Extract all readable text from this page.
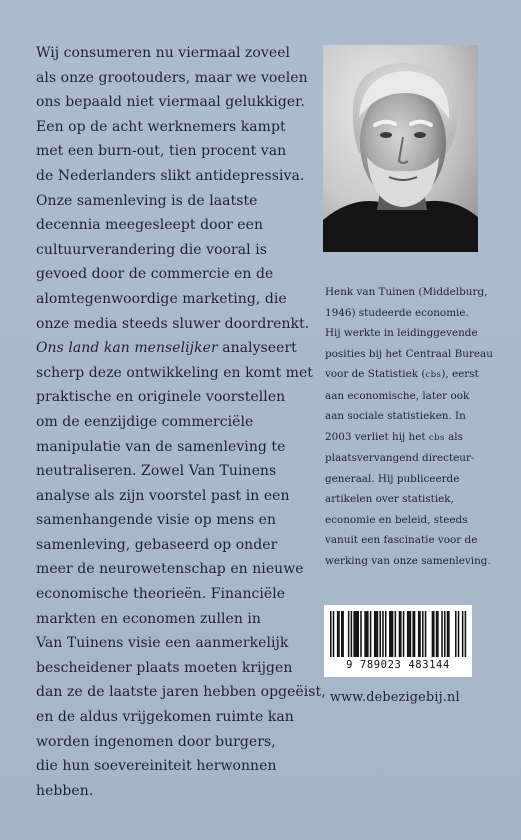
Wij consumeren nu viermaal zoveel
als onze grootouders, maar we voelen
ons bepaald niet viermaal gelukkiger.
Een op de acht werknemers kampt
met een burn-out, tien procent van
de Nederlanders slikt antidepressiva.
Onze samenleving is de laatste
decennia meegesleept door een
cultuurverandering die vooral is
gevoed door de commercie en de
alomtegenwoordige marketing, die
onze media steeds sluwer doordrenkt.
Ons land kan menselijker analyseert
scherp deze ontwikkeling en komt met
praktische en originele voorstellen
om de eenzijdige commerciële
manipulatie van de samenleving te
neutraliseren. Zowel Van Tuinens
analyse als zijn voorstel past in een
samenhangende visie op mens en
samenleving, gebaseerd op onder
meer de neurowetenschap en nieuwe
economische theorieën. Financiële
markten en economen zullen in
Van Tuinens visie een aanmerkelijk
bescheidener plaats moeten krijgen
dan ze de laatste jaren hebben opgeëist,
en de aldus vrijgekomen ruimte kan
worden ingenomen door burgers,
die hun soevereiniteit herwonnen
hebben.
Henk van Tuinen (Middelburg,
1946) studeerde economie.
Hij werkte in leidinggevende
posities bij het Centraal Bureau
voor de Statistiek (cbs), eerst
aan economische, later ook
aan sociale statistieken. In
2003 verliet hij het cbs als
plaatsvervangend directeur-
generaal. Hij publiceerde
artikelen over statistiek,
economie en beleid, steeds
vanuit een fascinatie voor de
werking van onze samenleving.
9 789023 483144
www.debezigebij.nl
